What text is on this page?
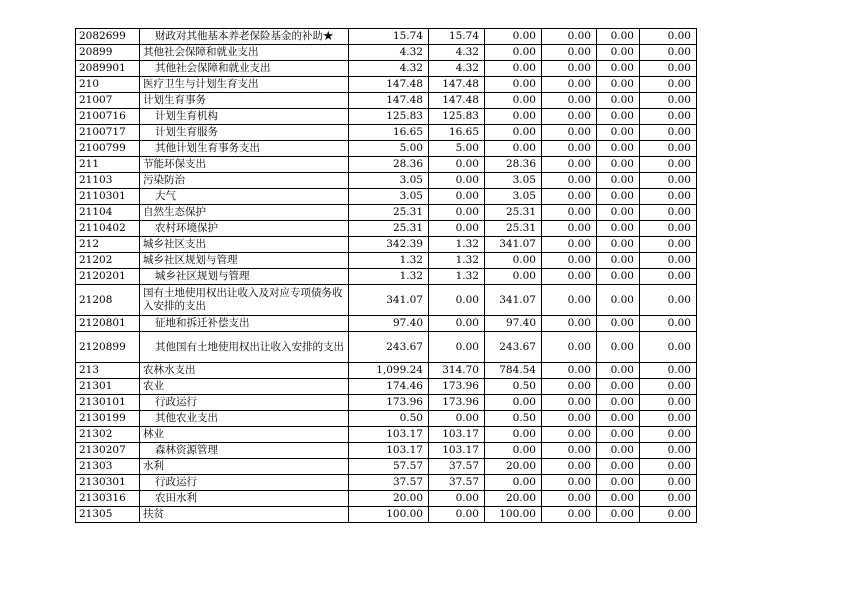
2082699	财政对其他基本养老保险基金的补助★	15.74	15.74	0.00	0.00	0.00	0.00
20899	其他社会保障和就业支出	4.32	4.32	0.00	0.00	0.00	0.00
2089901	其他社会保障和就业支出	4.32	4.32	0.00	0.00	0.00	0.00
210	医疗卫生与计划生育支出	147.48	147.48	0.00	0.00	0.00	0.00
21007	计划生育事务	147.48	147.48	0.00	0.00	0.00	0.00
2100716	计划生育机构	125.83	125.83	0.00	0.00	0.00	0.00
2100717	计划生育服务	16.65	16.65	0.00	0.00	0.00	0.00
2100799	其他计划生育事务支出	5.00	5.00	0.00	0.00	0.00	0.00
211	节能环保支出	28.36	0.00	28.36	0.00	0.00	0.00
21103	污染防治	3.05	0.00	3.05	0.00	0.00	0.00
2110301	大气	3.05	0.00	3.05	0.00	0.00	0.00
21104	自然生态保护	25.31	0.00	25.31	0.00	0.00	0.00
2110402	农村环境保护	25.31	0.00	25.31	0.00	0.00	0.00
212	城乡社区支出	342.39	1.32	341.07	0.00	0.00	0.00
21202	城乡社区规划与管理	1.32	1.32	0.00	0.00	0.00	0.00
2120201	城乡社区规划与管理	1.32	1.32	0.00	0.00	0.00	0.00
21208	国有土地使用权出让收入及对应专项债务收入安排的支出	341.07	0.00	341.07	0.00	0.00	0.00
2120801	征地和拆迁补偿支出	97.40	0.00	97.40	0.00	0.00	0.00
2120899	其他国有土地使用权出让收入安排的支出	243.67	0.00	243.67	0.00	0.00	0.00
213	农林水支出	1,099.24	314.70	784.54	0.00	0.00	0.00
21301	农业	174.46	173.96	0.50	0.00	0.00	0.00
2130101	行政运行	173.96	173.96	0.00	0.00	0.00	0.00
2130199	其他农业支出	0.50	0.00	0.50	0.00	0.00	0.00
21302	林业	103.17	103.17	0.00	0.00	0.00	0.00
2130207	森林资源管理	103.17	103.17	0.00	0.00	0.00	0.00
21303	水利	57.57	37.57	20.00	0.00	0.00	0.00
2130301	行政运行	37.57	37.57	0.00	0.00	0.00	0.00
2130316	农田水利	20.00	0.00	20.00	0.00	0.00	0.00
21305	扶贫	100.00	0.00	100.00	0.00	0.00	0.00
